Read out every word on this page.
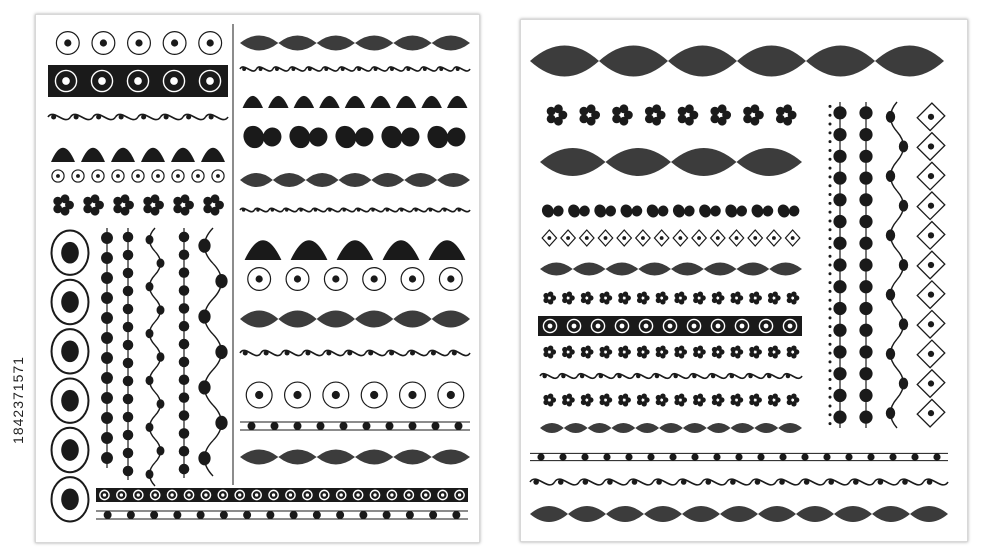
1842371571
